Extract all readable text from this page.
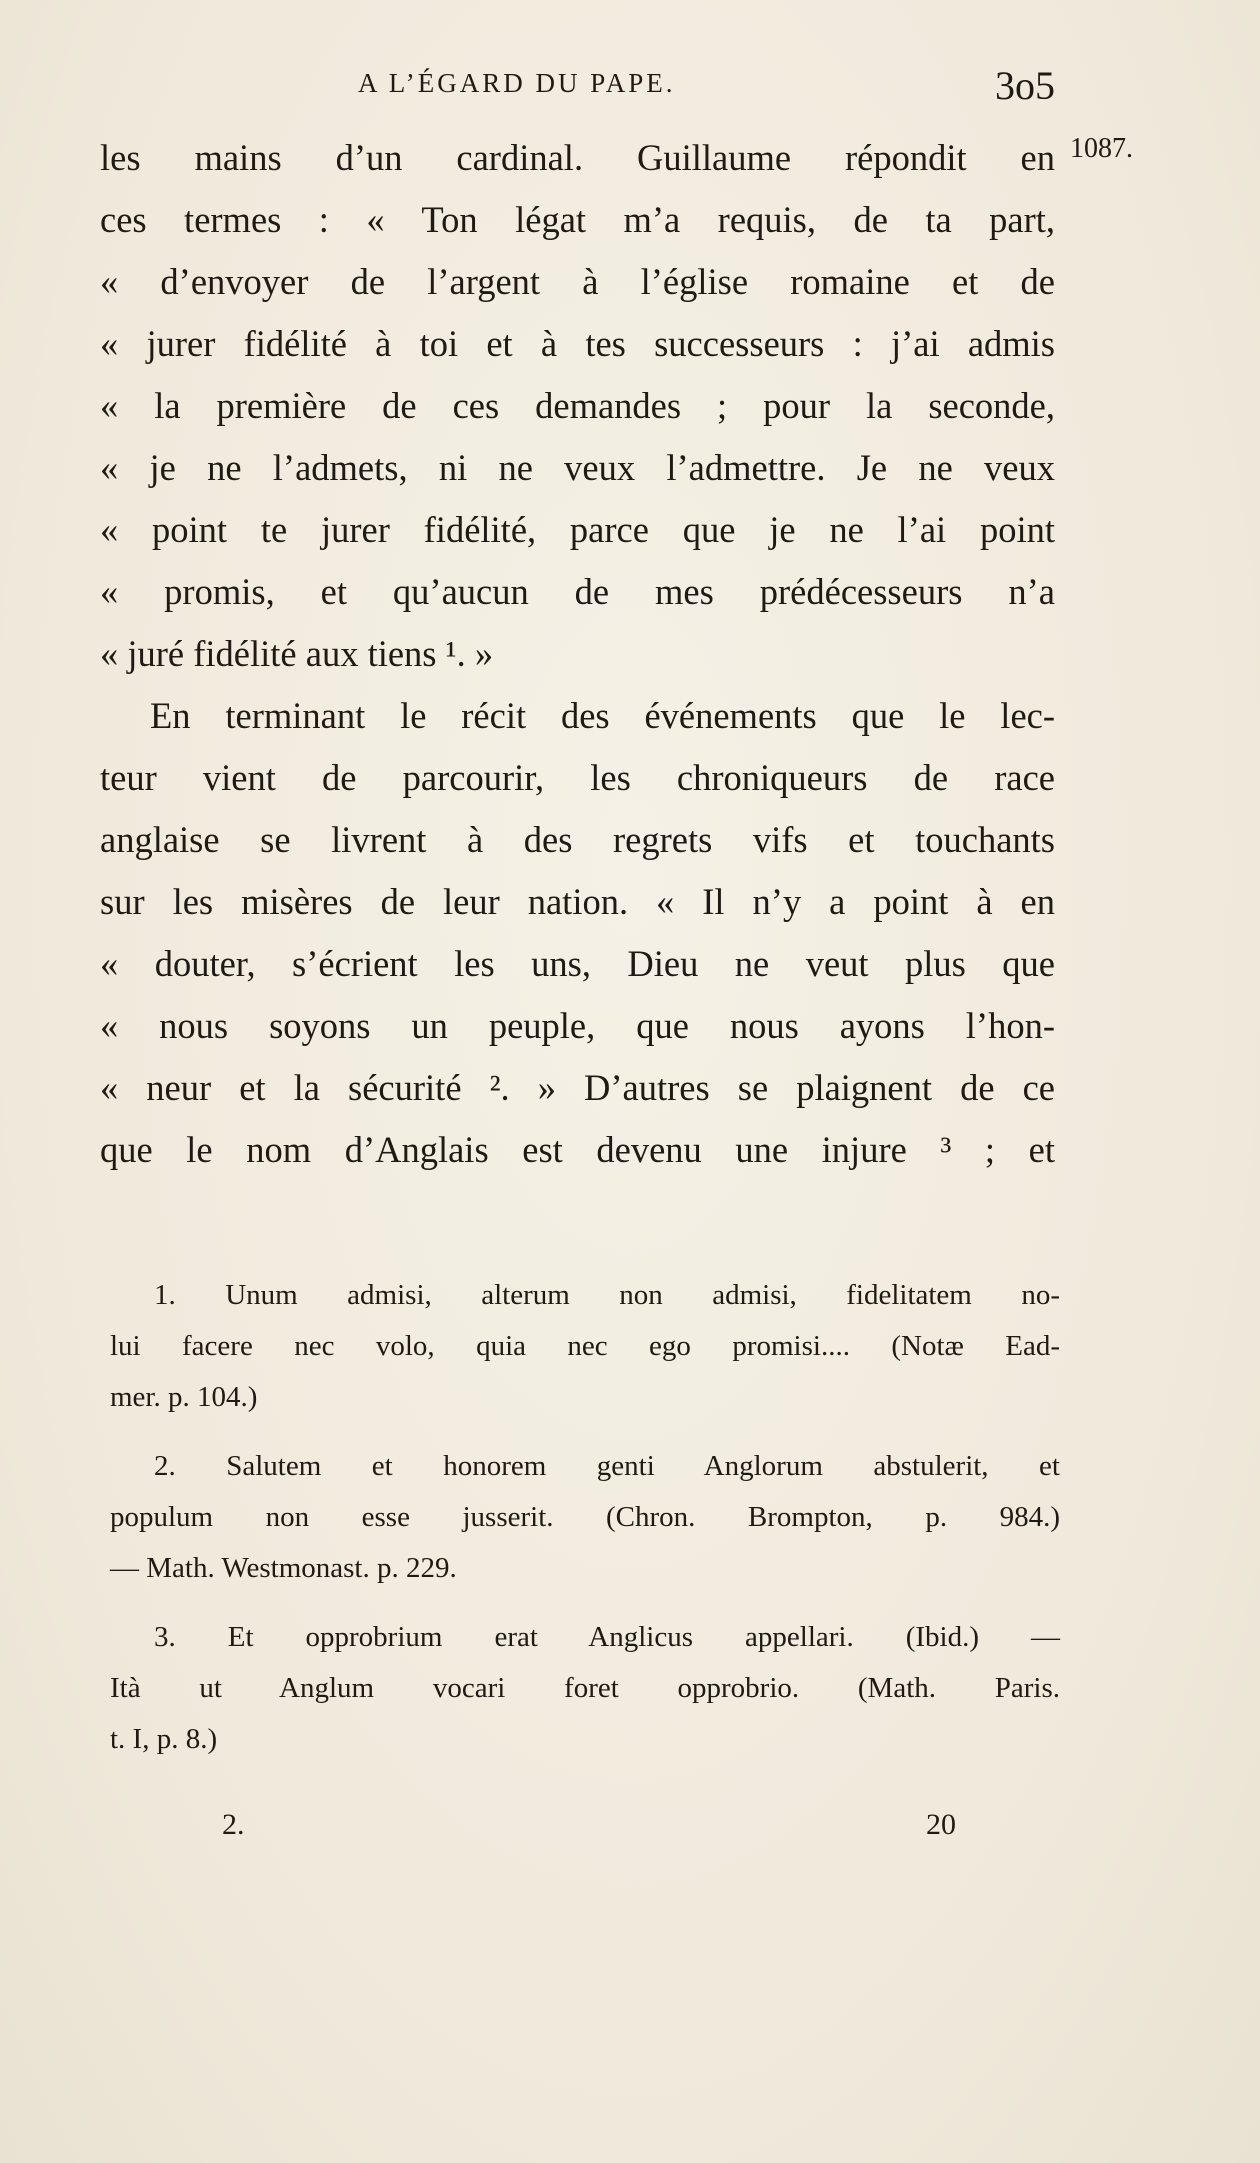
A L’ÉGARD DU PAPE.	3o5
1087.
les mains d’un cardinal. Guillaume répondit en
ces termes : « Ton légat m’a requis, de ta part,
« d’envoyer de l’argent à l’église romaine et de
« jurer fidélité à toi et à tes successeurs : j’ai admis
« la première de ces demandes ; pour la seconde,
« je ne l’admets, ni ne veux l’admettre. Je ne veux
« point te jurer fidélité, parce que je ne l’ai point
« promis, et qu’aucun de mes prédécesseurs n’a
« juré fidélité aux tiens ¹. »
En terminant le récit des événements que le lec-
teur vient de parcourir, les chroniqueurs de race
anglaise se livrent à des regrets vifs et touchants
sur les misères de leur nation. « Il n’y a point à en
« douter, s’écrient les uns, Dieu ne veut plus que
« nous soyons un peuple, que nous ayons l’hon-
« neur et la sécurité ². » D’autres se plaignent de ce
que le nom d’Anglais est devenu une injure ³ ; et
1. Unum admisi, alterum non admisi, fidelitatem no-
lui facere nec volo, quia nec ego promisi.... (Notæ Ead-
mer. p. 104.)
2. Salutem et honorem genti Anglorum abstulerit, et
populum non esse jusserit. (Chron. Brompton, p. 984.)
— Math. Westmonast. p. 229.
3. Et opprobrium erat Anglicus appellari. (Ibid.) —
Ità ut Anglum vocari foret opprobrio. (Math. Paris.
t. I, p. 8.)
2.	20
